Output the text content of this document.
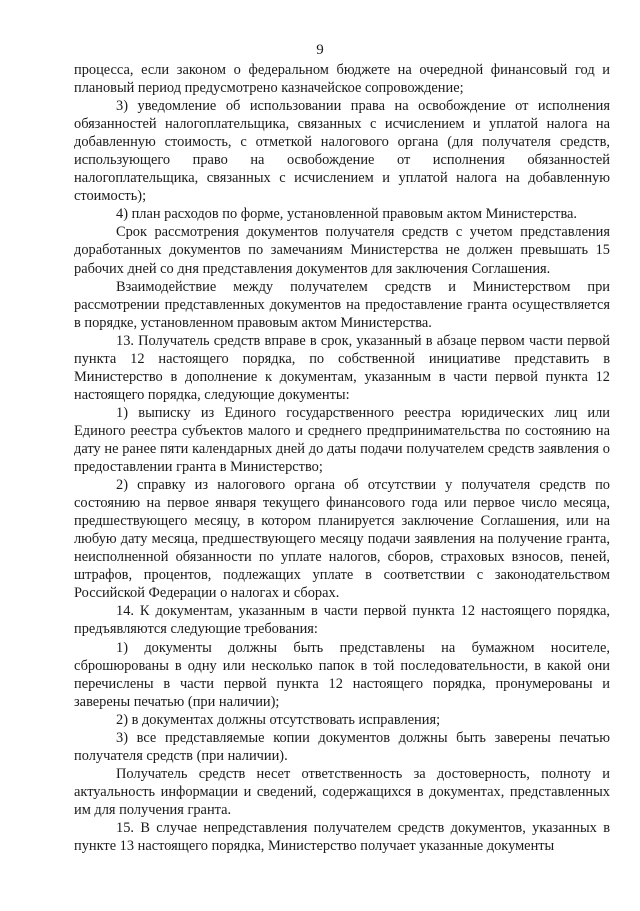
9

процесса, если законом о федеральном бюджете на очередной финансовый год и плановый период предусмотрено казначейское сопровождение;

3) уведомление об использовании права на освобождение от исполнения обязанностей налогоплательщика, связанных с исчислением и уплатой налога на добавленную стоимость, с отметкой налогового органа (для получателя средств, использующего право на освобождение от исполнения обязанностей налогоплательщика, связанных с исчислением и уплатой налога на добавленную стоимость);

4) план расходов по форме, установленной правовым актом Министерства.

Срок рассмотрения документов получателя средств с учетом представления доработанных документов по замечаниям Министерства не должен превышать 15 рабочих дней со дня представления документов для заключения Соглашения.

Взаимодействие между получателем средств и Министерством при рассмотрении представленных документов на предоставление гранта осуществляется в порядке, установленном правовым актом Министерства.

13. Получатель средств вправе в срок, указанный в абзаце первом части первой пункта 12 настоящего порядка, по собственной инициативе представить в Министерство в дополнение к документам, указанным в части первой пункта 12 настоящего порядка, следующие документы:

1) выписку из Единого государственного реестра юридических лиц или Единого реестра субъектов малого и среднего предпринимательства по состоянию на дату не ранее пяти календарных дней до даты подачи получателем средств заявления о предоставлении гранта в Министерство;

2) справку из налогового органа об отсутствии у получателя средств по состоянию на первое января текущего финансового года или первое число месяца, предшествующего месяцу, в котором планируется заключение Соглашения, или на любую дату месяца, предшествующего месяцу подачи заявления на получение гранта, неисполненной обязанности по уплате налогов, сборов, страховых взносов, пеней, штрафов, процентов, подлежащих уплате в соответствии с законодательством Российской Федерации о налогах и сборах.

14. К документам, указанным в части первой пункта 12 настоящего порядка, предъявляются следующие требования:

1) документы должны быть представлены на бумажном носителе, сброшюрованы в одну или несколько папок в той последовательности, в какой они перечислены в части первой пункта 12 настоящего порядка, пронумерованы и заверены печатью (при наличии);

2) в документах должны отсутствовать исправления;

3) все представляемые копии документов должны быть заверены печатью получателя средств (при наличии).

Получатель средств несет ответственность за достоверность, полноту и актуальность информации и сведений, содержащихся в документах, представленных им для получения гранта.

15. В случае непредставления получателем средств документов, указанных в пункте 13 настоящего порядка, Министерство получает указанные документы
